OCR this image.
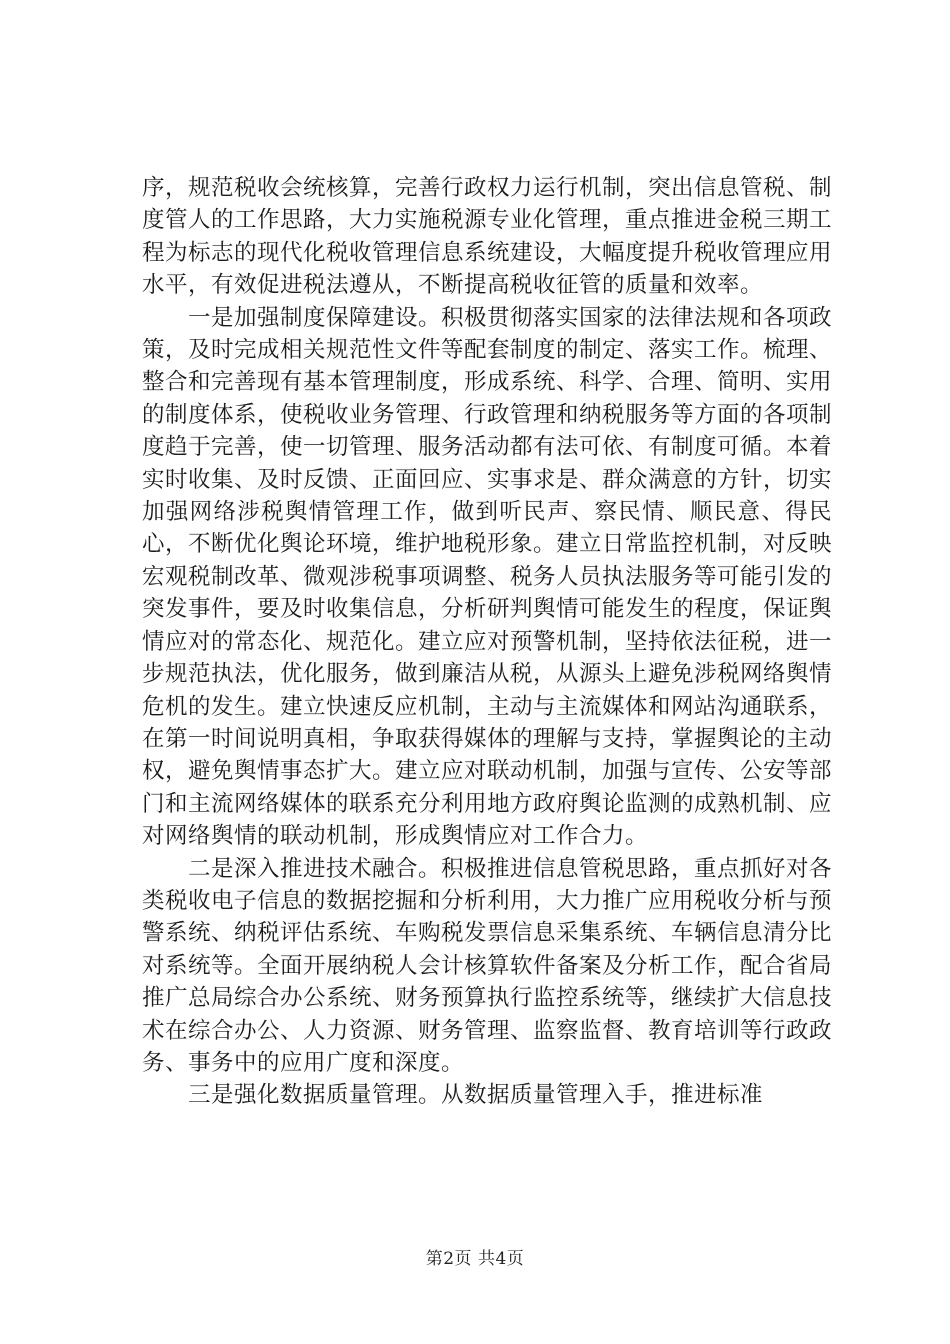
序，规范税收会统核算，完善行政权力运行机制，突出信息管税、制度管人的工作思路，大力实施税源专业化管理，重点推进金税三期工程为标志的现代化税收管理信息系统建设，大幅度提升税收管理应用水平，有效促进税法遵从，不断提高税收征管的质量和效率。

一是加强制度保障建设。积极贯彻落实国家的法律法规和各项政策，及时完成相关规范性文件等配套制度的制定、落实工作。梳理、整合和完善现有基本管理制度，形成系统、科学、合理、简明、实用的制度体系，使税收业务管理、行政管理和纳税服务等方面的各项制度趋于完善，使一切管理、服务活动都有法可依、有制度可循。本着实时收集、及时反馈、正面回应、实事求是、群众满意的方针，切实加强网络涉税舆情管理工作，做到听民声、察民情、顺民意、得民心，不断优化舆论环境，维护地税形象。建立日常监控机制，对反映宏观税制改革、微观涉税事项调整、税务人员执法服务等可能引发的突发事件，要及时收集信息，分析研判舆情可能发生的程度，保证舆情应对的常态化、规范化。建立应对预警机制，坚持依法征税，进一步规范执法，优化服务，做到廉洁从税，从源头上避免涉税网络舆情危机的发生。建立快速反应机制，主动与主流媒体和网站沟通联系，在第一时间说明真相，争取获得媒体的理解与支持，掌握舆论的主动权，避免舆情事态扩大。建立应对联动机制，加强与宣传、公安等部门和主流网络媒体的联系充分利用地方政府舆论监测的成熟机制、应对网络舆情的联动机制，形成舆情应对工作合力。

二是深入推进技术融合。积极推进信息管税思路，重点抓好对各类税收电子信息的数据挖掘和分析利用，大力推广应用税收分析与预警系统、纳税评估系统、车购税发票信息采集系统、车辆信息清分比对系统等。全面开展纳税人会计核算软件备案及分析工作，配合省局推广总局综合办公系统、财务预算执行监控系统等，继续扩大信息技术在综合办公、人力资源、财务管理、监察监督、教育培训等行政政务、事务中的应用广度和深度。

三是强化数据质量管理。从数据质量管理入手，推进标准

第2页 共4页
